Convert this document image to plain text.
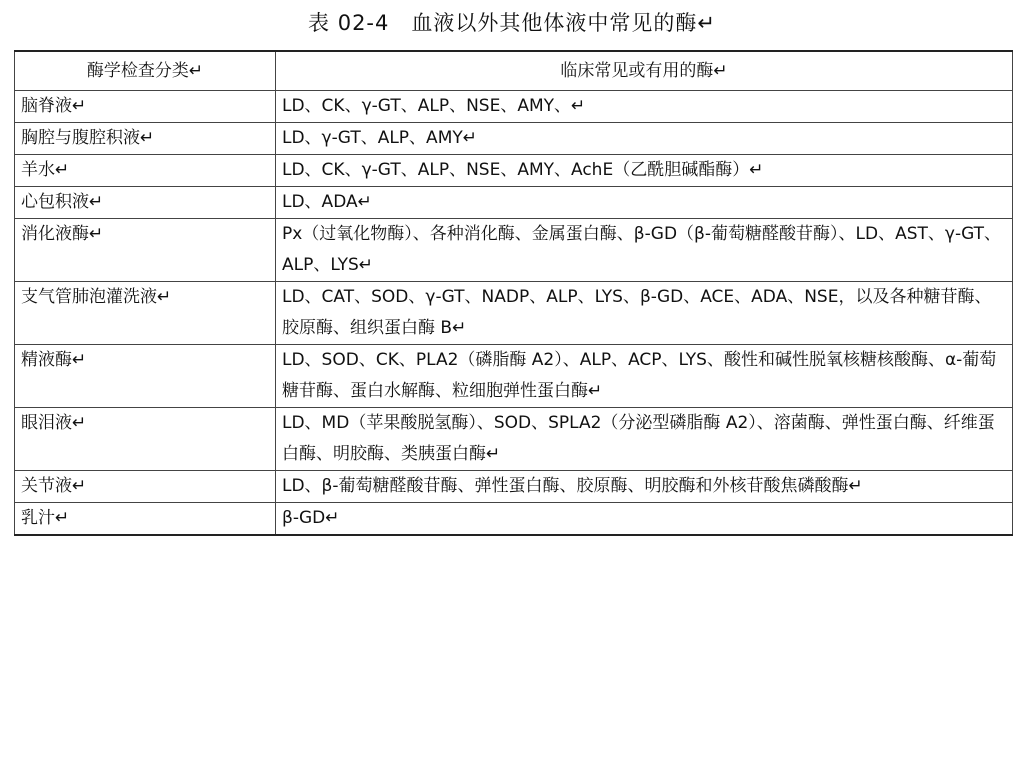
表 02-4　血液以外其他体液中常见的酶↵
酶学检查分类↵	临床常见或有用的酶↵
脑脊液↵	LD、CK、γ-GT、ALP、NSE、AMY、↵
胸腔与腹腔积液↵	LD、γ-GT、ALP、AMY↵
羊水↵	LD、CK、γ-GT、ALP、NSE、AMY、AchE（乙酰胆碱酯酶）↵
心包积液↵	LD、ADA↵
消化液酶↵	Px（过氧化物酶）、各种消化酶、金属蛋白酶、β-GD（β-葡萄糖醛酸苷酶）、LD、AST、γ-GT、ALP、LYS↵
支气管肺泡灌洗液↵	LD、CAT、SOD、γ-GT、NADP、ALP、LYS、β-GD、ACE、ADA、NSE，以及各种糖苷酶、胶原酶、组织蛋白酶 B↵
精液酶↵	LD、SOD、CK、PLA2（磷脂酶 A2）、ALP、ACP、LYS、酸性和碱性脱氧核糖核酸酶、α-葡萄糖苷酶、蛋白水解酶、粒细胞弹性蛋白酶↵
眼泪液↵	LD、MD（苹果酸脱氢酶）、SOD、SPLA2（分泌型磷脂酶 A2）、溶菌酶、弹性蛋白酶、纤维蛋白酶、明胶酶、类胰蛋白酶↵
关节液↵	LD、β-葡萄糖醛酸苷酶、弹性蛋白酶、胶原酶、明胶酶和外核苷酸焦磷酸酶↵
乳汁↵	β-GD↵
